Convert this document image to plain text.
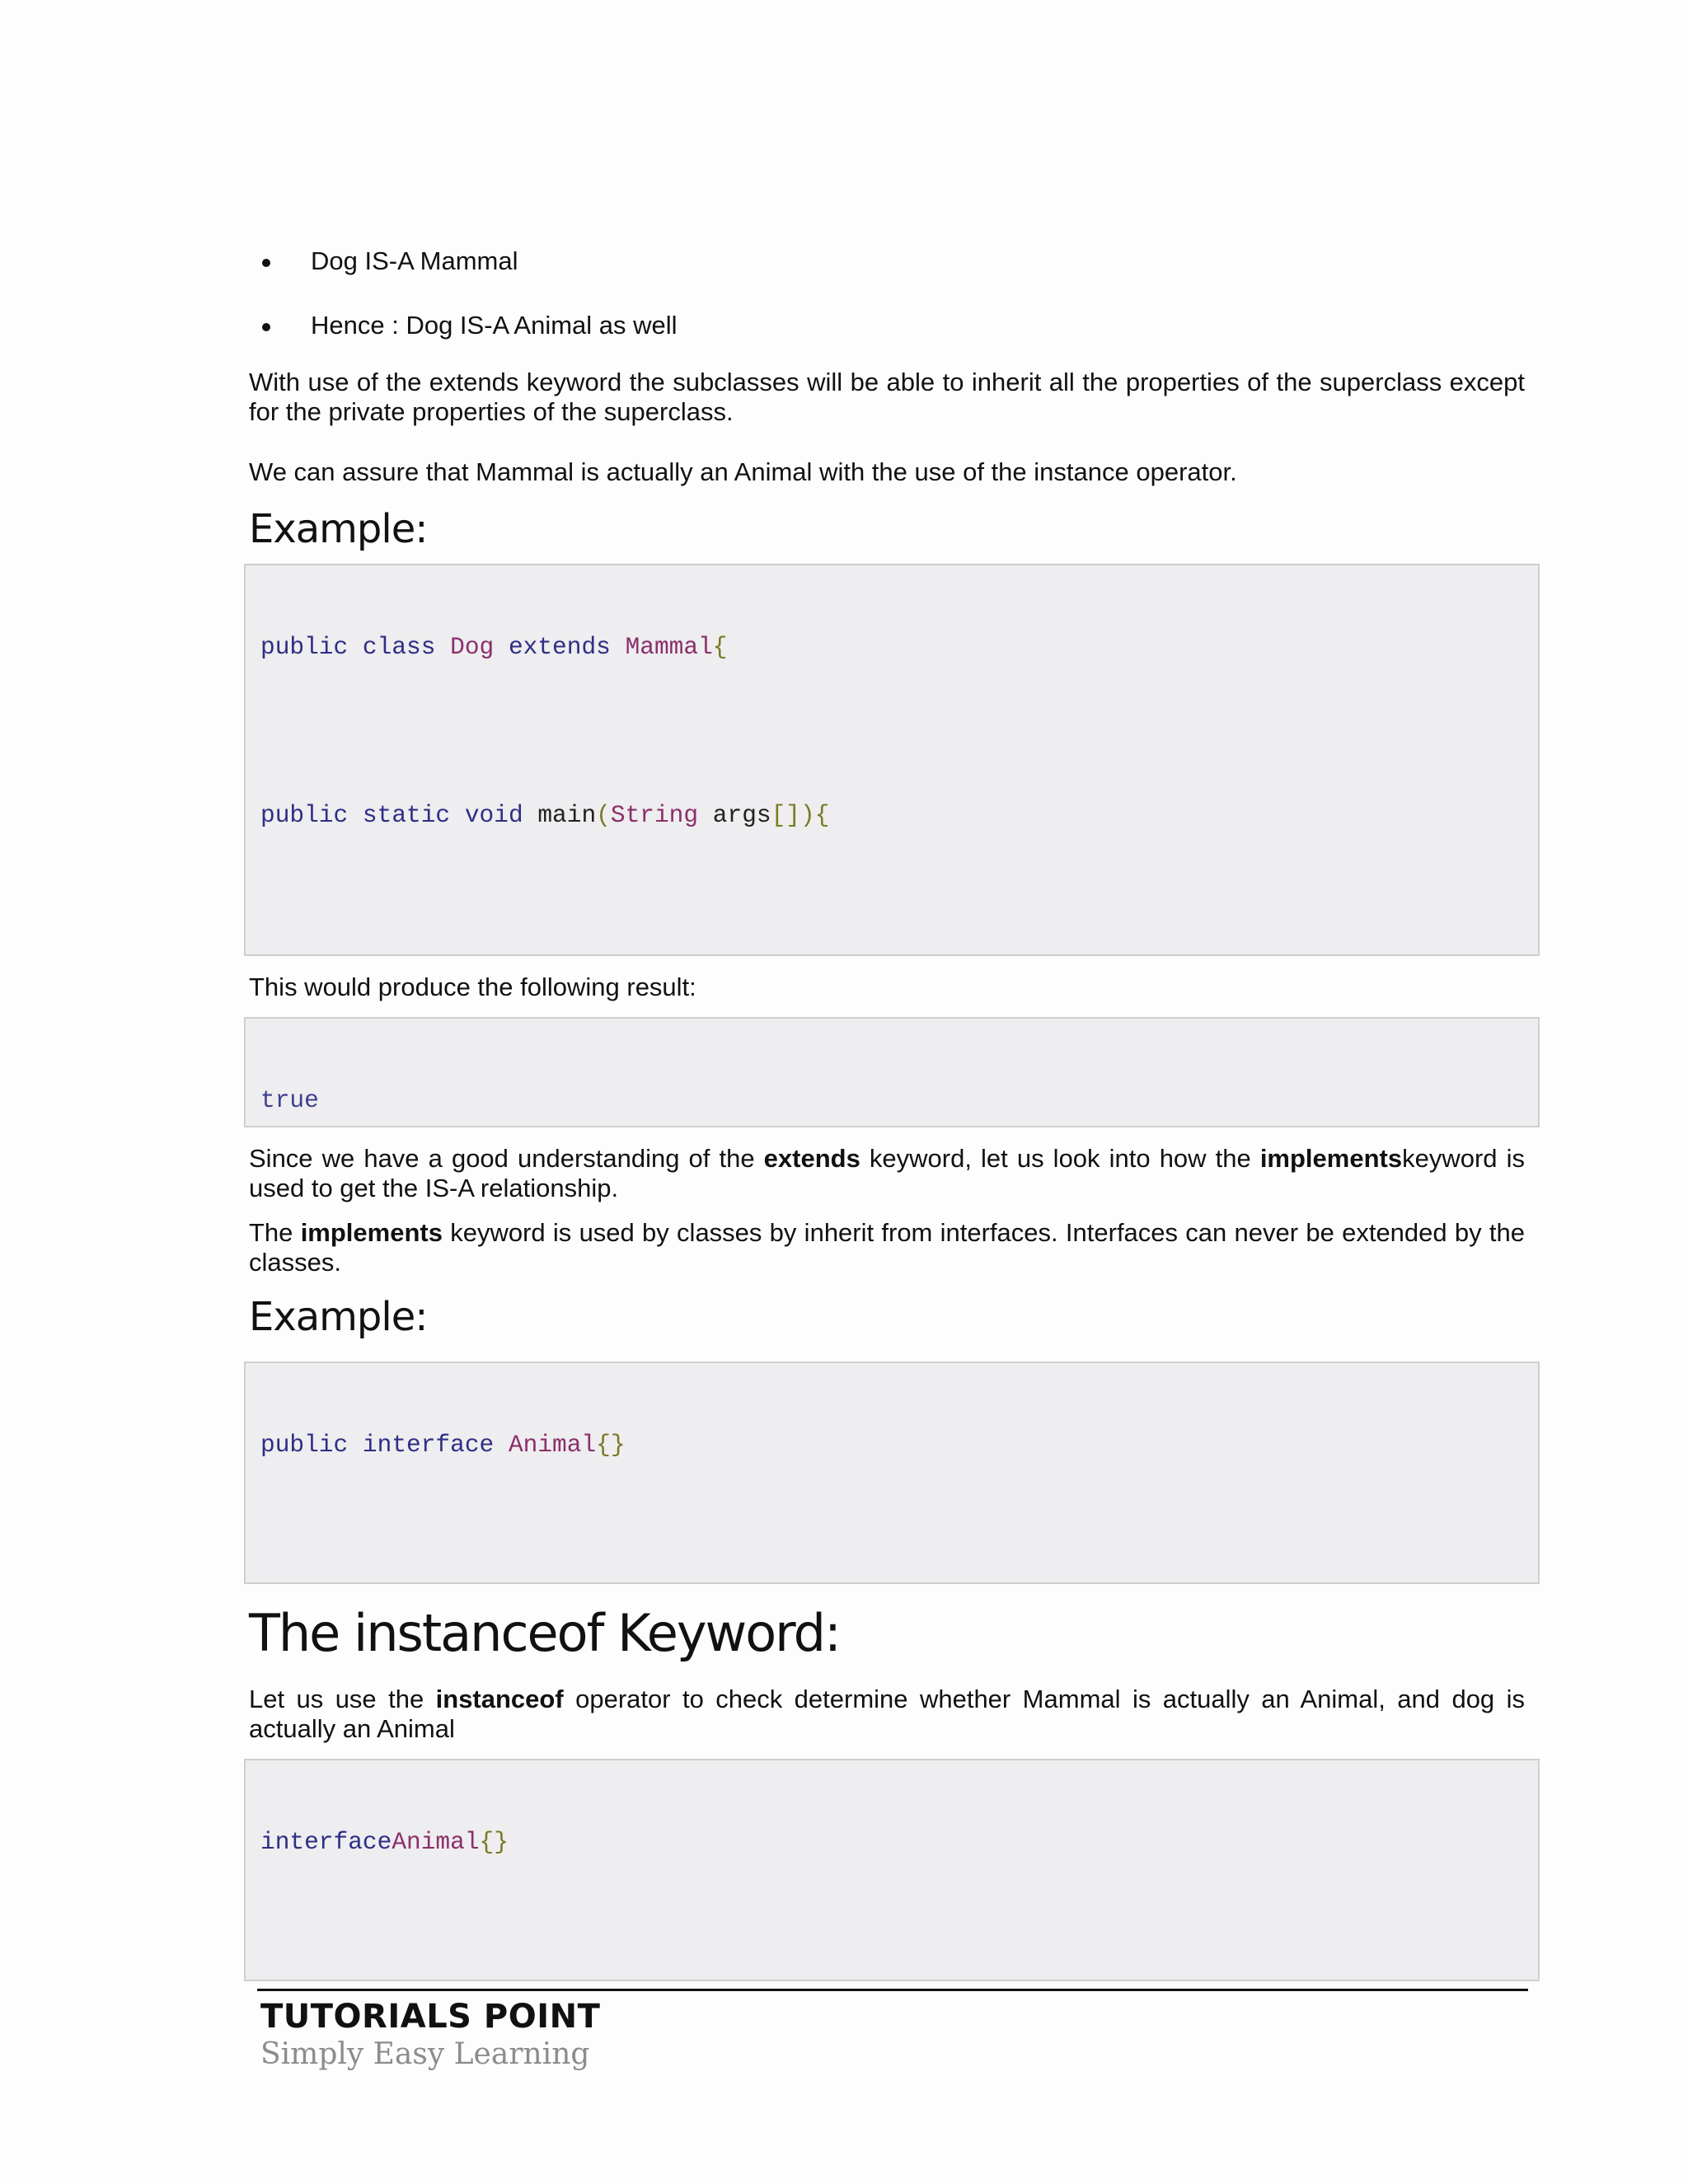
Dog IS-A Mammal
Hence : Dog IS-A Animal as well

With use of the extends keyword the subclasses will be able to inherit all the properties of the superclass except for the private properties of the superclass.

We can assure that Mammal is actually an Animal with the use of the instance operator.

Example:

public class Dog extends Mammal{

public static void main(String args[]){

This would produce the following result:

true

Since we have a good understanding of the extends keyword, let us look into how the implementskeyword is used to get the IS-A relationship.

The implements keyword is used by classes by inherit from interfaces. Interfaces can never be extended by the classes.

Example:

public interface Animal{}

The instanceof Keyword:

Let us use the instanceof operator to check determine whether Mammal is actually an Animal, and dog is actually an Animal

interfaceAnimal{}

TUTORIALS POINT
Simply Easy Learning
